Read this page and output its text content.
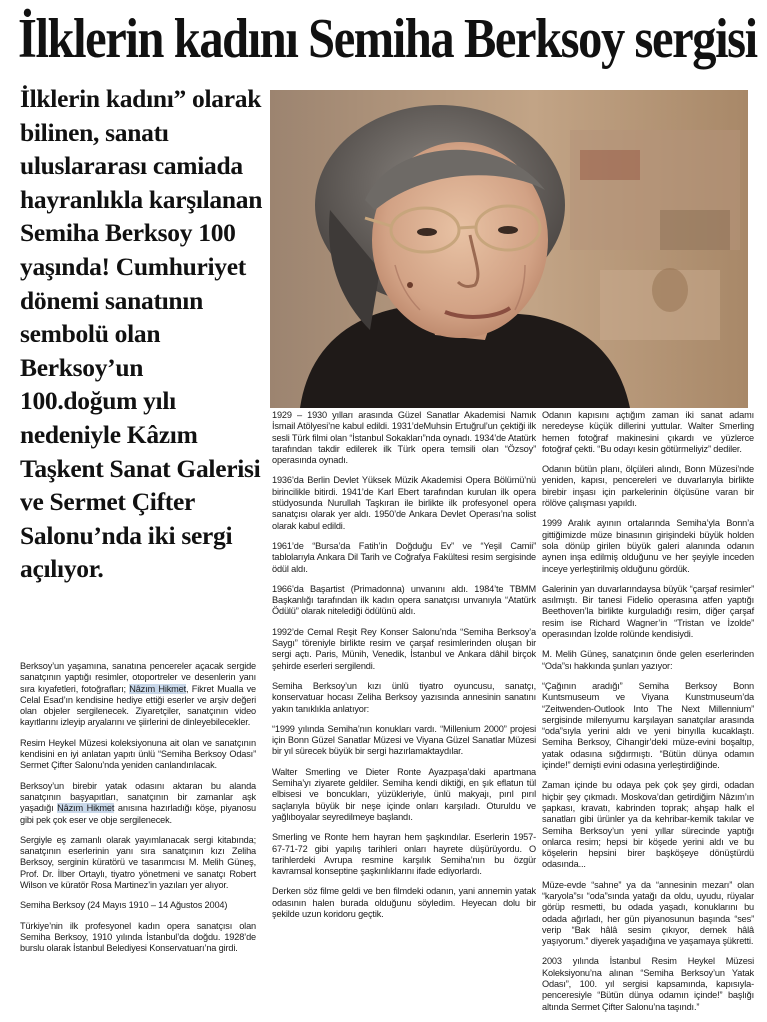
İlklerin kadını Semiha Berksoy sergisi

İlklerin kadını” olarak bilinen, sanatı uluslararası camiada hayranlıkla karşılanan Semiha Berksoy 100 yaşında! Cumhuriyet dönemi sanatının sembolü olan Berksoy’un 100.doğum yılı nedeniyle Kâzım Taşkent Sanat Galerisi ve Sermet Çifter Salonu’nda iki sergi açılıyor.

Berksoy’un yaşamına, sanatına pencereler açacak sergide sanatçının yaptığı resimler, otoportreler ve desenlerin yanı sıra kıyafetleri, fotoğrafları; Nâzım Hikmet, Fikret Mualla ve Celal Esad’ın kendisine hediye ettiği eserler ve arşiv değeri olan objeler sergilenecek. Ziyaretçiler, sanatçının video kayıtlarını izleyip aryalarını ve şiirlerini de dinleyebilecekler.

Resim Heykel Müzesi koleksiyonuna ait olan ve sanatçının kendisini en iyi anlatan yapıtı ünlü “Semiha Berksoy Odası” Sermet Çifter Salonu’nda yeniden canlandırılacak.

Berksoy’un birebir yatak odasını aktaran bu alanda sanatçının başyapıtları, sanatçının bir zamanlar aşk yaşadığı Nâzım Hikmet anısına hazırladığı köşe, piyanosu gibi pek çok eser ve obje sergilenecek.

Sergiyle eş zamanlı olarak yayımlanacak sergi kitabında; sanatçının eserlerinin yanı sıra sanatçının kızı Zeliha Berksoy, serginin küratörü ve tasarımcısı M. Melih Güneş, Prof. Dr. İlber Ortaylı, tiyatro yönetmeni ve sanatçı Robert Wilson ve küratör Rosa Martinez’in yazıları yer alıyor.

Semiha Berksoy (24 Mayıs 1910 – 14 Ağustos 2004)

Türkiye’nin ilk profesyonel kadın opera sanatçısı olan Semiha Berksoy, 1910 yılında İstanbul’da doğdu. 1928’de burslu olarak İstanbul Belediyesi Konservatuarı’na girdi.

1929 – 1930 yılları arasında Güzel Sanatlar Akademisi Namık İsmail Atölyesi’ne kabul edildi. 1931’deMuhsin Ertuğrul’un çektiği ilk sesli Türk filmi olan “İstanbul Sokakları”nda oynadı. 1934’de Atatürk tarafından takdir edilerek ilk Türk opera temsili olan “Özsoy” operasında oynadı.

1936’da Berlin Devlet Yüksek Müzik Akademisi Opera Bölümü’nü birincilikle bitirdi. 1941’de Karl Ebert tarafından kurulan ilk opera stüdyosunda Nurullah Taşkıran ile birlikte ilk profesyonel opera sanatçısı olarak yer aldı. 1950’de Ankara Devlet Operası’na solist olarak kabul edildi.

1961’de “Bursa’da Fatih’in Doğduğu Ev” ve “Yeşil Camii” tablolarıyla Ankara Dil Tarih ve Coğrafya Fakültesi resim sergisinde ödül aldı.

1966’da Başartist (Primadonna) unvanını aldı. 1984’te TBMM Başkanlığı tarafından ilk kadın opera sanatçısı unvanıyla “Atatürk Ödülü” olarak nitelediği ödülünü aldı.

1992’de Cemal Reşit Rey Konser Salonu’nda “Semiha Berksoy’a Saygı” töreniyle birlikte resim ve çarşaf resimlerinden oluşan bir sergi açtı. Paris, Münih, Venedik, İstanbul ve Ankara dâhil birçok şehirde eserleri sergilendi.

Semiha Berksoy’un kızı ünlü tiyatro oyuncusu, sanatçı, konservatuar hocası Zeliha Berksoy yazısında annesinin sanatını yakın tanıklıkla anlatıyor:

“1999 yılında Semiha’nın konukları vardı. “Millenium 2000” projesi için Bonn Güzel Sanatlar Müzesi ve Viyana Güzel Sanatlar Müzesi bir yıl sürecek büyük bir sergi hazırlamaktaydılar.

Walter Smerling ve Dieter Ronte Ayazpaşa’daki apartmana Semiha’yı ziyarete geldiler. Semiha kendi diktiği, en şık eflatun tül elbisesi ve boncukları, yüzükleriyle, ünlü makyajı, pırıl pırıl saçlarıyla büyük bir neşe içinde onları karşıladı. Oturuldu ve yağlıboyalar seyredilmeye başlandı.

Smerling ve Ronte hem hayran hem şaşkındılar. Eserlerin 1957-67-71-72 gibi yapılış tarihleri onları hayrete düşürüyordu. O tarihlerdeki Avrupa resmine karşılık Semiha’nın bu özgür kavramsal konseptine şaşkınlıklarını ifade ediyorlardı.

Derken söz filme geldi ve ben filmdeki odanın, yani annemin yatak odasının halen burada olduğunu söyledim. Heyecan dolu bir şekilde uzun koridoru geçtik.

Odanın kapısını açtığım zaman iki sanat adamı neredeyse küçük dillerini yuttular. Walter Smerling hemen fotoğraf makinesini çıkardı ve yüzlerce fotoğraf çekti. “Bu odayı kesin götürmeliyiz” dediler.

Odanın bütün planı, ölçüleri alındı, Bonn Müzesi’nde yeniden, kapısı, pencereleri ve duvarlarıyla birlikte birebir inşası için parkelerinin ölçüsüne varan bir rölöve çalışması yapıldı.

1999 Aralık ayının ortalarında Semiha’yla Bonn’a gittiğimizde müze binasının girişindeki büyük holden sola dönüp girilen büyük galeri alanında odanın aynen inşa edilmiş olduğunu ve her şeyiyle inceden inceye yerleştirilmiş olduğunu gördük.

Galerinin yan duvarlarındaysa büyük “çarşaf resimler” asılmıştı. Bir tanesi Fidelio operasına atfen yaptığı Beethoven’la birlikte kurguladığı resim, diğer çarşaf resim ise Richard Wagner’in “Tristan ve İzolde” operasından İzolde rolünde kendisiydi.

M. Melih Güneş, sanatçının önde gelen eserlerinden “Oda”sı hakkında şunları yazıyor:

“Çağının aradığı” Semiha Berksoy Bonn Kuntsmuseum ve Viyana Kunstmuseum’da “Zeitwenden-Outlook Into The Next Millennium” sergisinde milenyumu karşılayan sanatçılar arasında “oda”sıyla yerini aldı ve yeni binyılla kucaklaştı. Semiha Berksoy, Cihangir’deki müze-evini boşaltıp, yatak odasına sığdırmıştı. “Bütün dünya odamın içinde!” demişti evini odasına yerleştirdiğinde.

Zaman içinde bu odaya pek çok şey girdi, odadan hiçbir şey çıkmadı. Moskova’dan getirdiğim Nâzım’ın şapkası, kravatı, kabrinden toprak; ahşap halk el sanatları gibi ürünler ya da kehribar-kemik takılar ve Semiha Berksoy’un yeni yıllar sürecinde yaptığı onlarca resim; hepsi bir köşede yerini aldı ve bu köşelerin hepsini birer başköşeye dönüştürdü odasında...

Müze-evde “sahne” ya da “annesinin mezarı” olan “karyola”sı “oda”sında yatağı da oldu, uyudu, rüyalar görüp resmetti, bu odada yaşadı, konuklarını bu odada ağırladı, her gün piyanosunun başında “ses” verip “Bak hâlâ sesim çıkıyor, demek hâlâ yaşıyorum.” diyerek yaşadığına ve yaşamaya şükretti.

2003 yılında İstanbul Resim Heykel Müzesi Koleksiyonu’na alınan “Semiha Berksoy’un Yatak Odası”, 100. yıl sergisi kapsamında, kapısıyla-penceresiyle “Bütün dünya odamın içinde!” başlığı altında Sermet Çifter Salonu’na taşındı.”
